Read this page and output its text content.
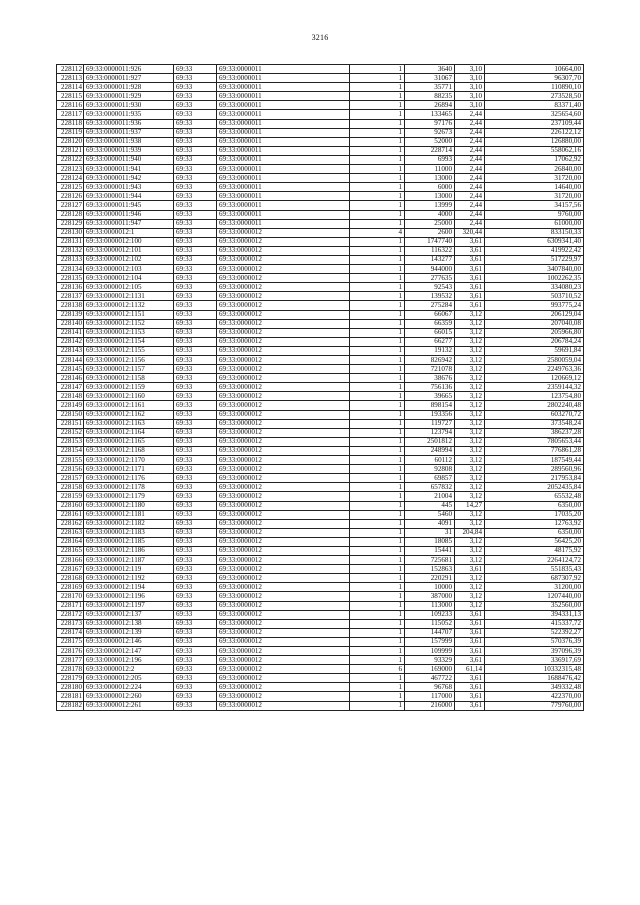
3216
228112	69:33:0000011:926	69:33	69:33:0000011	1	3640	3,10	10664,00
228113	69:33:0000011:927	69:33	69:33:0000011	1	31067	3,10	96307,70
228114	69:33:0000011:928	69:33	69:33:0000011	1	35771	3,10	110890,10
228115	69:33:0000011:929	69:33	69:33:0000011	1	88235	3,10	273528,50
228116	69:33:0000011:930	69:33	69:33:0000011	1	26894	3,10	83371,40
228117	69:33:0000011:935	69:33	69:33:0000011	1	133465	2,44	325654,60
228118	69:33:0000011:936	69:33	69:33:0000011	1	97176	2,44	237109,44
228119	69:33:0000011:937	69:33	69:33:0000011	1	92673	2,44	226122,12
228120	69:33:0000011:938	69:33	69:33:0000011	1	52000	2,44	126880,00
228121	69:33:0000011:939	69:33	69:33:0000011	1	228714	2,44	558062,16
228122	69:33:0000011:940	69:33	69:33:0000011	1	6993	2,44	17062,92
228123	69:33:0000011:941	69:33	69:33:0000011	1	11000	2,44	26840,00
228124	69:33:0000011:942	69:33	69:33:0000011	1	13000	2,44	31720,00
228125	69:33:0000011:943	69:33	69:33:0000011	1	6000	2,44	14640,00
228126	69:33:0000011:944	69:33	69:33:0000011	1	13000	2,44	31720,00
228127	69:33:0000011:945	69:33	69:33:0000011	1	13999	2,44	34157,56
228128	69:33:0000011:946	69:33	69:33:0000011	1	4000	2,44	9760,00
228129	69:33:0000011:947	69:33	69:33:0000011	1	25000	2,44	61000,00
228130	69:33:0000012:1	69:33	69:33:0000012	4	2600	320,44	833150,33
228131	69:33:0000012:100	69:33	69:33:0000012	1	1747740	3,61	6309341,40
228132	69:33:0000012:101	69:33	69:33:0000012	1	116322	3,61	419922,42
228133	69:33:0000012:102	69:33	69:33:0000012	1	143277	3,61	517229,97
228134	69:33:0000012:103	69:33	69:33:0000012	1	944000	3,61	3407840,00
228135	69:33:0000012:104	69:33	69:33:0000012	1	277635	3,61	1002262,35
228136	69:33:0000012:105	69:33	69:33:0000012	1	92543	3,61	334080,23
228137	69:33:0000012:1131	69:33	69:33:0000012	1	139532	3,61	503710,52
228138	69:33:0000012:1132	69:33	69:33:0000012	1	275284	3,61	993775,24
228139	69:33:0000012:1151	69:33	69:33:0000012	1	66067	3,12	206129,04
228140	69:33:0000012:1152	69:33	69:33:0000012	1	66359	3,12	207040,08
228141	69:33:0000012:1153	69:33	69:33:0000012	1	66015	3,12	205966,80
228142	69:33:0000012:1154	69:33	69:33:0000012	1	66277	3,12	206784,24
228143	69:33:0000012:1155	69:33	69:33:0000012	1	19132	3,12	59691,84
228144	69:33:0000012:1156	69:33	69:33:0000012	1	826942	3,12	2580059,04
228145	69:33:0000012:1157	69:33	69:33:0000012	1	721078	3,12	2249763,36
228146	69:33:0000012:1158	69:33	69:33:0000012	1	38676	3,12	120669,12
228147	69:33:0000012:1159	69:33	69:33:0000012	1	756136	3,12	2359144,32
228148	69:33:0000012:1160	69:33	69:33:0000012	1	39665	3,12	123754,80
228149	69:33:0000012:1161	69:33	69:33:0000012	1	898154	3,12	2802240,48
228150	69:33:0000012:1162	69:33	69:33:0000012	1	193356	3,12	603270,72
228151	69:33:0000012:1163	69:33	69:33:0000012	1	119727	3,12	373548,24
228152	69:33:0000012:1164	69:33	69:33:0000012	1	123794	3,12	386237,28
228153	69:33:0000012:1165	69:33	69:33:0000012	1	2501812	3,12	7805653,44
228154	69:33:0000012:1168	69:33	69:33:0000012	1	248994	3,12	776861,28
228155	69:33:0000012:1170	69:33	69:33:0000012	1	60112	3,12	187549,44
228156	69:33:0000012:1171	69:33	69:33:0000012	1	92808	3,12	289560,96
228157	69:33:0000012:1176	69:33	69:33:0000012	1	69857	3,12	217953,84
228158	69:33:0000012:1178	69:33	69:33:0000012	1	657832	3,12	2052435,84
228159	69:33:0000012:1179	69:33	69:33:0000012	1	21004	3,12	65532,48
228160	69:33:0000012:1180	69:33	69:33:0000012	1	445	14,27	6350,00
228161	69:33:0000012:1181	69:33	69:33:0000012	1	5460	3,12	17035,20
228162	69:33:0000012:1182	69:33	69:33:0000012	1	4091	3,12	12763,92
228163	69:33:0000012:1183	69:33	69:33:0000012	1	31	204,84	6350,00
228164	69:33:0000012:1185	69:33	69:33:0000012	1	18085	3,12	56425,20
228165	69:33:0000012:1186	69:33	69:33:0000012	1	15441	3,12	48175,92
228166	69:33:0000012:1187	69:33	69:33:0000012	1	725681	3,12	2264124,72
228167	69:33:0000012:119	69:33	69:33:0000012	1	152863	3,61	551835,43
228168	69:33:0000012:1192	69:33	69:33:0000012	1	220291	3,12	687307,92
228169	69:33:0000012:1194	69:33	69:33:0000012	1	10000	3,12	31200,00
228170	69:33:0000012:1196	69:33	69:33:0000012	1	387000	3,12	1207440,00
228171	69:33:0000012:1197	69:33	69:33:0000012	1	113000	3,12	352560,00
228172	69:33:0000012:137	69:33	69:33:0000012	1	109233	3,61	394331,13
228173	69:33:0000012:138	69:33	69:33:0000012	1	115052	3,61	415337,72
228174	69:33:0000012:139	69:33	69:33:0000012	1	144707	3,61	522392,27
228175	69:33:0000012:146	69:33	69:33:0000012	1	157999	3,61	570376,39
228176	69:33:0000012:147	69:33	69:33:0000012	1	109999	3,61	397096,39
228177	69:33:0000012:196	69:33	69:33:0000012	1	93329	3,61	336917,69
228178	69:33:0000012:2	69:33	69:33:0000012	6	169000	61,14	10332315,48
228179	69:33:0000012:205	69:33	69:33:0000012	1	467722	3,61	1688476,42
228180	69:33:0000012:224	69:33	69:33:0000012	1	96768	3,61	349332,48
228181	69:33:0000012:260	69:33	69:33:0000012	1	117000	3,61	422370,00
228182	69:33:0000012:261	69:33	69:33:0000012	1	216000	3,61	779760,00
